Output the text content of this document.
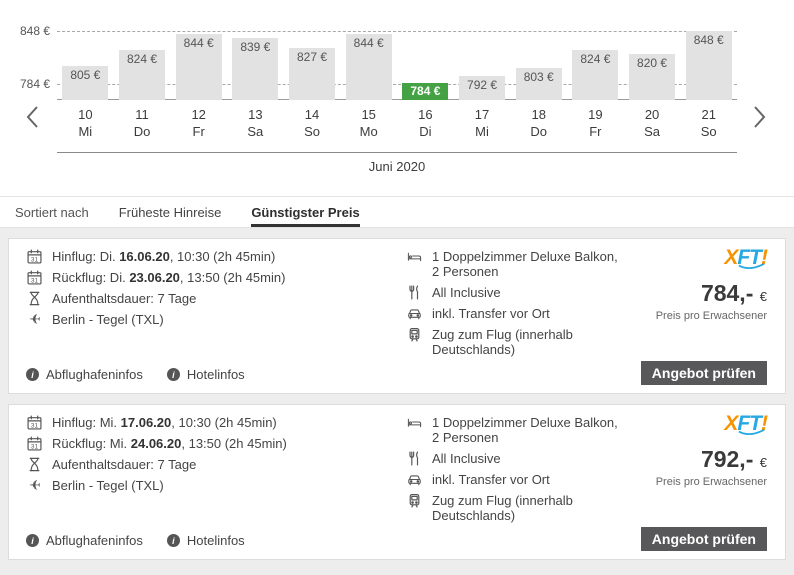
848 €
784 €
805 €
824 €
844 € 839 €
827 €
844 €
784 € 792 €
803 €
824 € 820 €
848 €
10
Mi
11
Do
12
Fr
13
Sa
14
So
15
Mo
16
Di
17
Mi
18
Do
19
Fr
20
Sa
21
So
Juni 2020
Sortiert nach Früheste Hinreise Günstigster Preis
31 Hinflug: Di. 16.06.20, 10:30 (2h 45min)
31 Rückflug: Di. 23.06.20, 13:50 (2h 45min)
Aufenthaltsdauer: 7 Tage
✈ Berlin - Tegel (TXL)
1 Doppelzimmer Deluxe Balkon, 2 Personen
All Inclusive
inkl. Transfer vor Ort
Zug zum Flug (innerhalb Deutschlands)
XFT!
784,- €
Preis pro Erwachsener
i Abflughafeninfos	i Hotelinfos	Angebot prüfen
31 Hinflug: Mi. 17.06.20, 10:30 (2h 45min)
31 Rückflug: Mi. 24.06.20, 13:50 (2h 45min)
Aufenthaltsdauer: 7 Tage
✈ Berlin - Tegel (TXL)
1 Doppelzimmer Deluxe Balkon, 2 Personen
All Inclusive
inkl. Transfer vor Ort
Zug zum Flug (innerhalb Deutschlands)
XFT!
792,- €
Preis pro Erwachsener
i Abflughafeninfos	i Hotelinfos	Angebot prüfen
